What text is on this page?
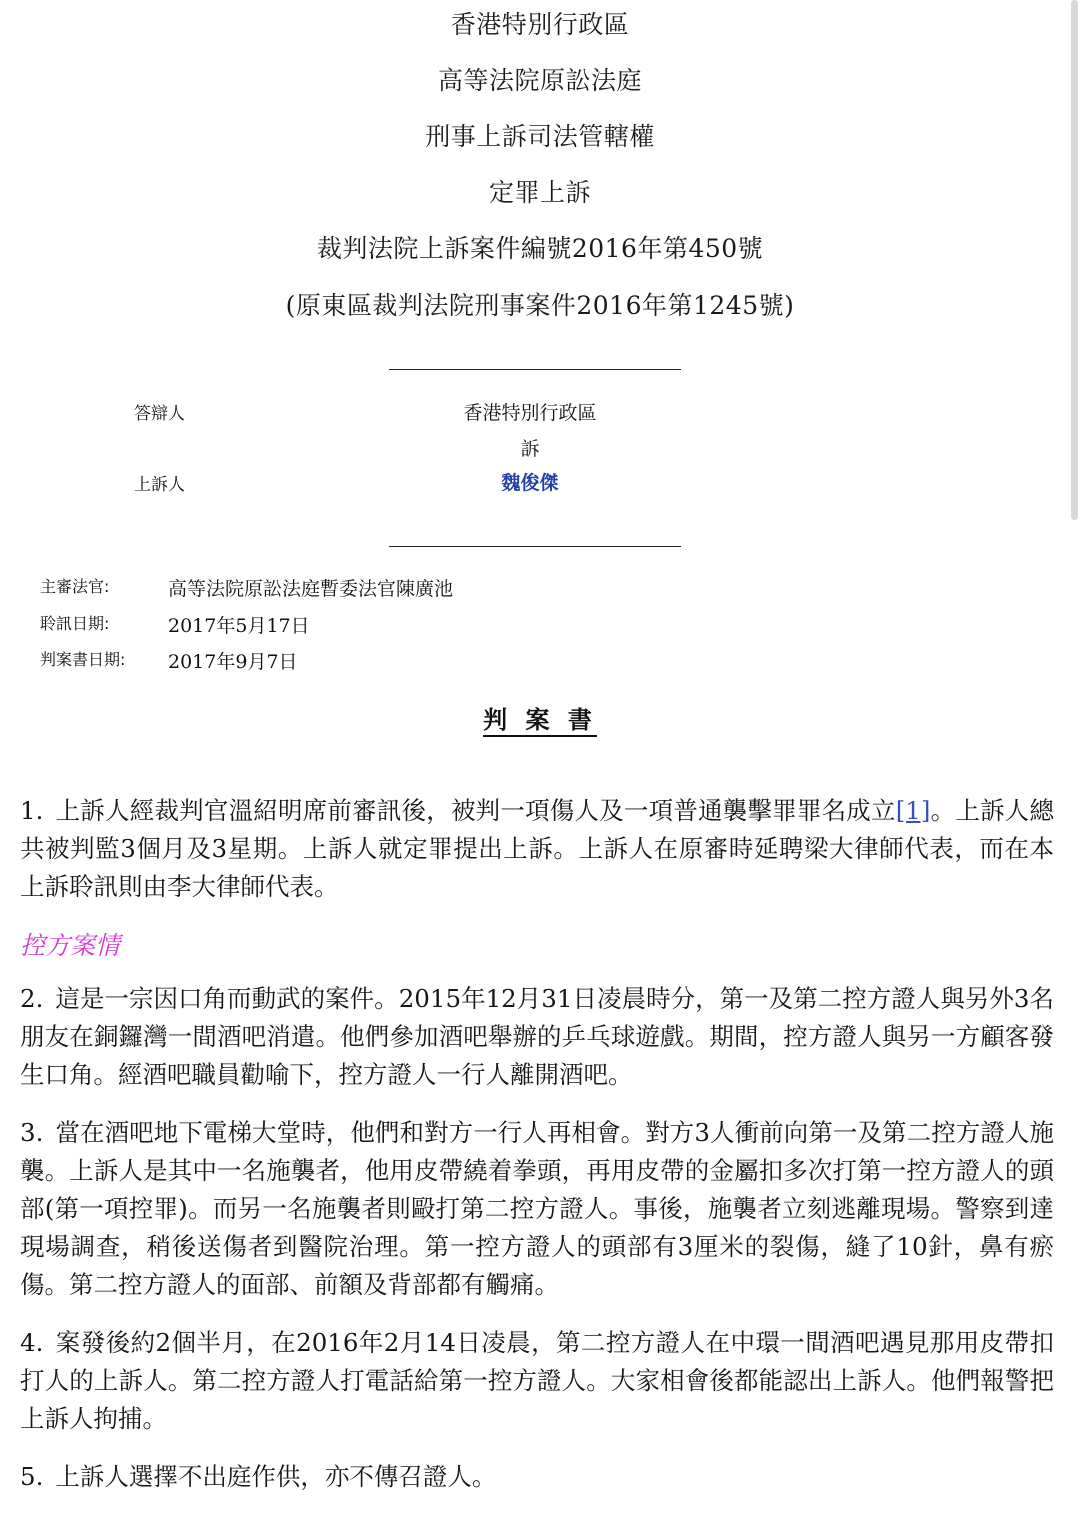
香港特別行政區
高等法院原訟法庭
刑事上訴司法管轄權
定罪上訴
裁判法院上訴案件編號2016年第450號
(原東區裁判法院刑事案件2016年第1245號)
答辯人	香港特別行政區
訴
上訴人	魏俊傑
主審法官:	高等法院原訟法庭暫委法官陳廣池
聆訊日期:	2017年5月17日
判案書日期: 2017年9月7日
判 案 書
1. 上訴人經裁判官溫紹明席前審訊後，被判一項傷人及一項普通襲擊罪罪名成立[1]。上訴人總共被判監3個月及3星期。上訴人就定罪提出上訴。上訴人在原審時延聘梁大律師代表，而在本上訴聆訊則由李大律師代表。
控方案情
2. 這是一宗因口角而動武的案件。2015年12月31日凌晨時分，第一及第二控方證人與另外3名朋友在銅鑼灣一間酒吧消遣。他們參加酒吧舉辦的乒乓球遊戲。期間，控方證人與另一方顧客發生口角。經酒吧職員勸喻下，控方證人一行人離開酒吧。
3. 當在酒吧地下電梯大堂時，他們和對方一行人再相會。對方3人衝前向第一及第二控方證人施襲。上訴人是其中一名施襲者，他用皮帶繞着拳頭，再用皮帶的金屬扣多次打第一控方證人的頭部(第一項控罪)。而另一名施襲者則毆打第二控方證人。事後，施襲者立刻逃離現場。警察到達現場調查，稍後送傷者到醫院治理。第一控方證人的頭部有3厘米的裂傷，縫了10針，鼻有瘀傷。第二控方證人的面部、前額及背部都有觸痛。
4. 案發後約2個半月，在2016年2月14日凌晨，第二控方證人在中環一間酒吧遇見那用皮帶扣打人的上訴人。第二控方證人打電話給第一控方證人。大家相會後都能認出上訴人。他們報警把上訴人拘捕。
5. 上訴人選擇不出庭作供，亦不傳召證人。
